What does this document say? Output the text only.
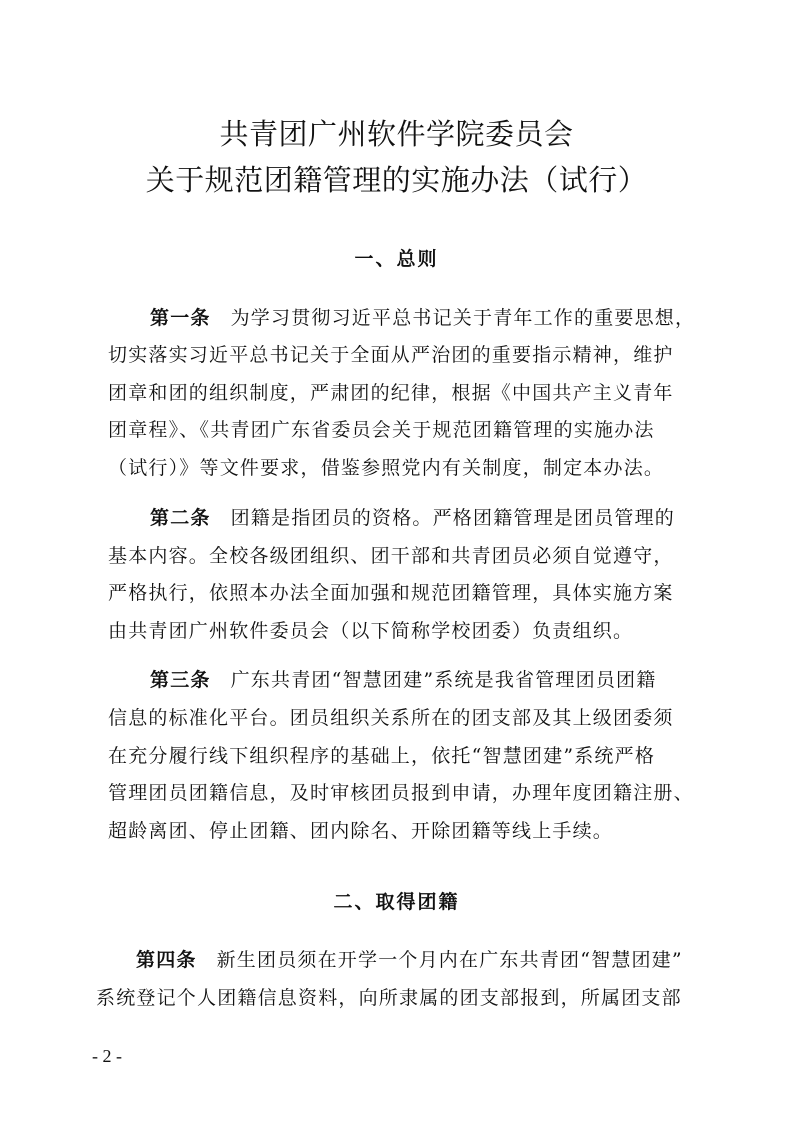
共青团广州软件学院委员会
关于规范团籍管理的实施办法（试行）
一、总则
第一条 为学习贯彻习近平总书记关于青年工作的重要思想，
切实落实习近平总书记关于全面从严治团的重要指示精神，维护
团章和团的组织制度，严肃团的纪律，根据《中国共产主义青年
团章程》、《共青团广东省委员会关于规范团籍管理的实施办法
（试行）》等文件要求，借鉴参照党内有关制度，制定本办法。
第二条 团籍是指团员的资格。严格团籍管理是团员管理的
基本内容。全校各级团组织、团干部和共青团员必须自觉遵守，
严格执行，依照本办法全面加强和规范团籍管理，具体实施方案
由共青团广州软件委员会（以下简称学校团委）负责组织。
第三条 广东共青团“智慧团建”系统是我省管理团员团籍
信息的标准化平台。团员组织关系所在的团支部及其上级团委须
在充分履行线下组织程序的基础上，依托“智慧团建”系统严格
管理团员团籍信息，及时审核团员报到申请，办理年度团籍注册、
超龄离团、停止团籍、团内除名、开除团籍等线上手续。
二、取得团籍
第四条 新生团员须在开学一个月内在广东共青团“智慧团建”
系统登记个人团籍信息资料，向所隶属的团支部报到，所属团支部
- 2 -
